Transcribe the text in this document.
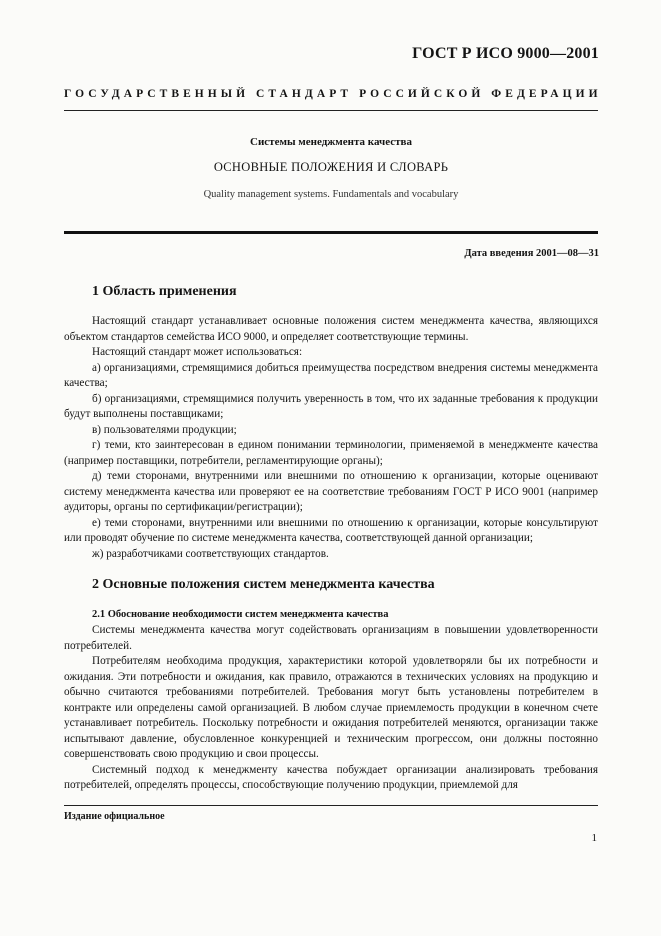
ГОСТ Р ИСО 9000—2001
ГОСУДАРСТВЕННЫЙ СТАНДАРТ РОССИЙСКОЙ ФЕДЕРАЦИИ
Системы менеджмента качества
ОСНОВНЫЕ ПОЛОЖЕНИЯ И СЛОВАРЬ
Quality management systems. Fundamentals and vocabulary
Дата введения 2001—08—31
1 Область применения

Настоящий стандарт устанавливает основные положения систем менеджмента качества, являющихся объектом стандартов семейства ИСО 9000, и определяет соответствующие термины.

Настоящий стандарт может использоваться:

а) организациями, стремящимися добиться преимущества посредством внедрения системы менеджмента качества;

б) организациями, стремящимися получить уверенность в том, что их заданные требования к продукции будут выполнены поставщиками;

в) пользователями продукции;

г) теми, кто заинтересован в едином понимании терминологии, применяемой в менеджменте качества (например поставщики, потребители, регламентирующие органы);

д) теми сторонами, внутренними или внешними по отношению к организации, которые оценивают систему менеджмента качества или проверяют ее на соответствие требованиям ГОСТ Р ИСО 9001 (например аудиторы, органы по сертификации/регистрации);

е) теми сторонами, внутренними или внешними по отношению к организации, которые консультируют или проводят обучение по системе менеджмента качества, соответствующей данной организации;

ж) разработчиками соответствующих стандартов.

2 Основные положения систем менеджмента качества
2.1 Обоснование необходимости систем менеджмента качества

Системы менеджмента качества могут содействовать организациям в повышении удовлетворенности потребителей.

Потребителям необходима продукция, характеристики которой удовлетворяли бы их потребности и ожидания. Эти потребности и ожидания, как правило, отражаются в технических условиях на продукцию и обычно считаются требованиями потребителей. Требования могут быть установлены потребителем в контракте или определены самой организацией. В любом случае приемлемость продукции в конечном счете устанавливает потребитель. Поскольку потребности и ожидания потребителей меняются, организации также испытывают давление, обусловленное конкуренцией и техническим прогрессом, они должны постоянно совершенствовать свою продукцию и свои процессы.

Системный подход к менеджменту качества побуждает организации анализировать требования потребителей, определять процессы, способствующие получению продукции, приемлемой для

Издание официальное
1
